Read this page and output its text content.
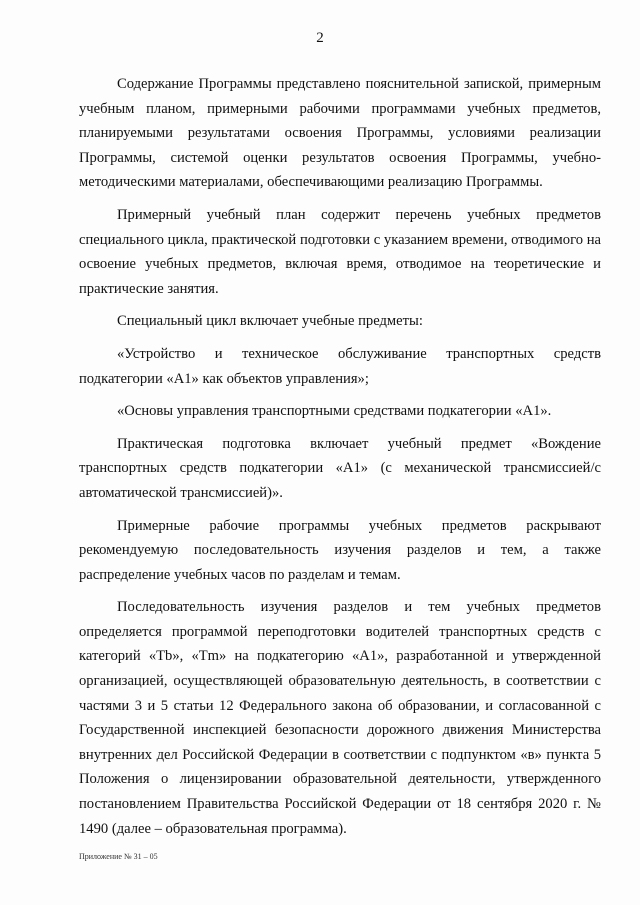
2

Содержание Программы представлено пояснительной запиской, примерным учебным планом, примерными рабочими программами учебных предметов, планируемыми результатами освоения Программы, условиями реализации Программы, системой оценки результатов освоения Программы, учебно-методическими материалами, обеспечивающими реализацию Программы.

Примерный учебный план содержит перечень учебных предметов специального цикла, практической подготовки с указанием времени, отводимого на освоение учебных предметов, включая время, отводимое на теоретические и практические занятия.

Специальный цикл включает учебные предметы:

«Устройство и техническое обслуживание транспортных средств подкатегории «А1» как объектов управления»;

«Основы управления транспортными средствами подкатегории «А1».

Практическая подготовка включает учебный предмет «Вождение транспортных средств подкатегории «А1» (с механической трансмиссией/с автоматической трансмиссией)».

Примерные рабочие программы учебных предметов раскрывают рекомендуемую последовательность изучения разделов и тем, а также распределение учебных часов по разделам и темам.

Последовательность изучения разделов и тем учебных предметов определяется программой переподготовки водителей транспортных средств с категорий «Tb», «Tm» на подкатегорию «А1», разработанной и утвержденной организацией, осуществляющей образовательную деятельность, в соответствии с частями 3 и 5 статьи 12 Федерального закона об образовании, и согласованной с Государственной инспекцией безопасности дорожного движения Министерства внутренних дел Российской Федерации в соответствии с подпунктом «в» пункта 5 Положения о лицензировании образовательной деятельности, утвержденного постановлением Правительства Российской Федерации от 18 сентября 2020 г. № 1490 (далее – образовательная программа).

Приложение № 31 – 05
